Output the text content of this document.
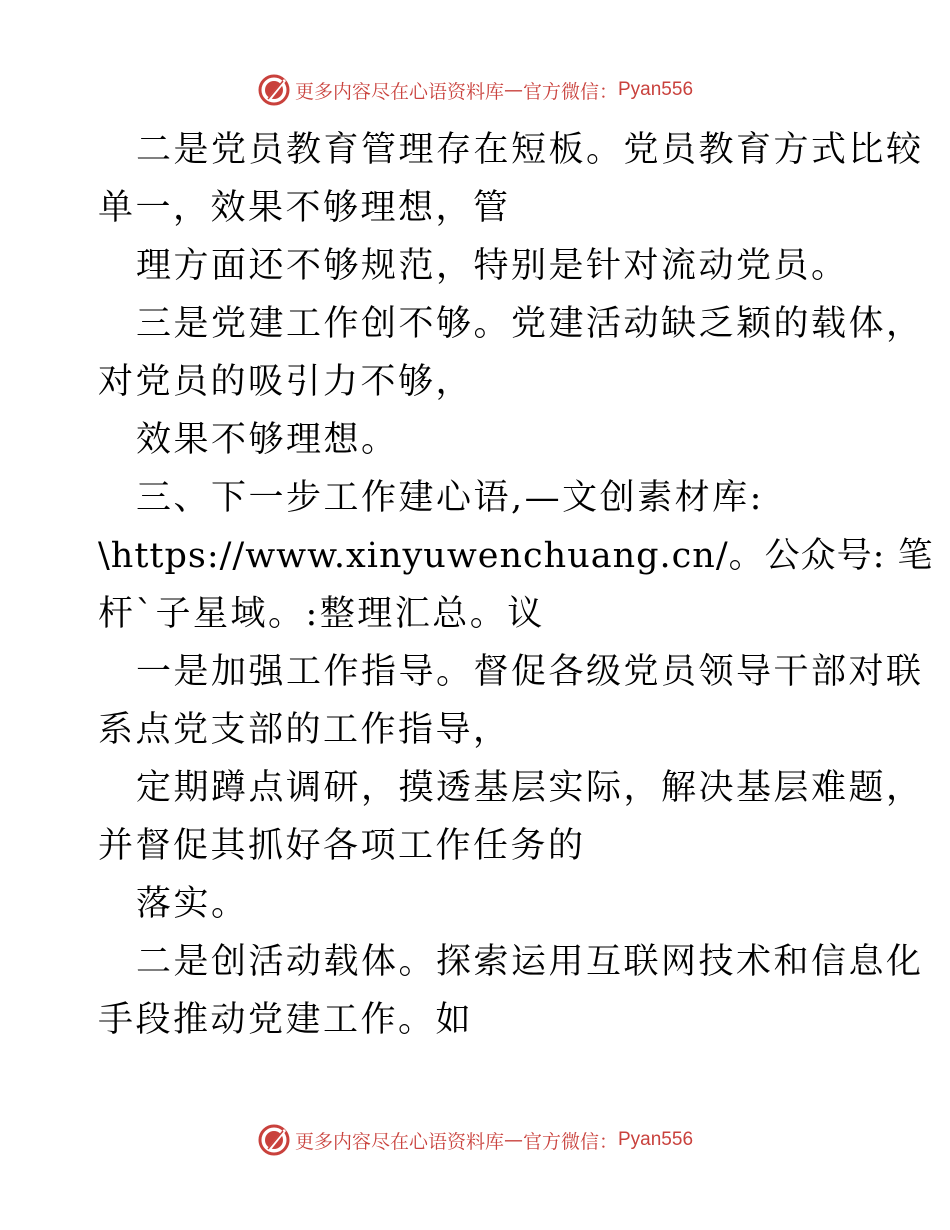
更多内容尽在心语资料库 — 官方微信： Pyan556
二是党员教育管理存在短板。党员教育方式比较
单一，效果不够理想，管
理方面还不够规范，特别是针对流动党员。
三是党建工作创不够。党建活动缺乏颖的载体，
对党员的吸引力不够，
效果不够理想。
三、下一步工作建心语,—文创素材库:
\https://www.xinyuwenchuang.cn/。公众号: 笔
杆`子星域。:整理汇总。议
一是加强工作指导。督促各级党员领导干部对联
系点党支部的工作指导，
定期蹲点调研，摸透基层实际，解决基层难题，
并督促其抓好各项工作任务的
落实。
二是创活动载体。探索运用互联网技术和信息化
手段推动党建工作。如
更多内容尽在心语资料库 — 官方微信： Pyan556
